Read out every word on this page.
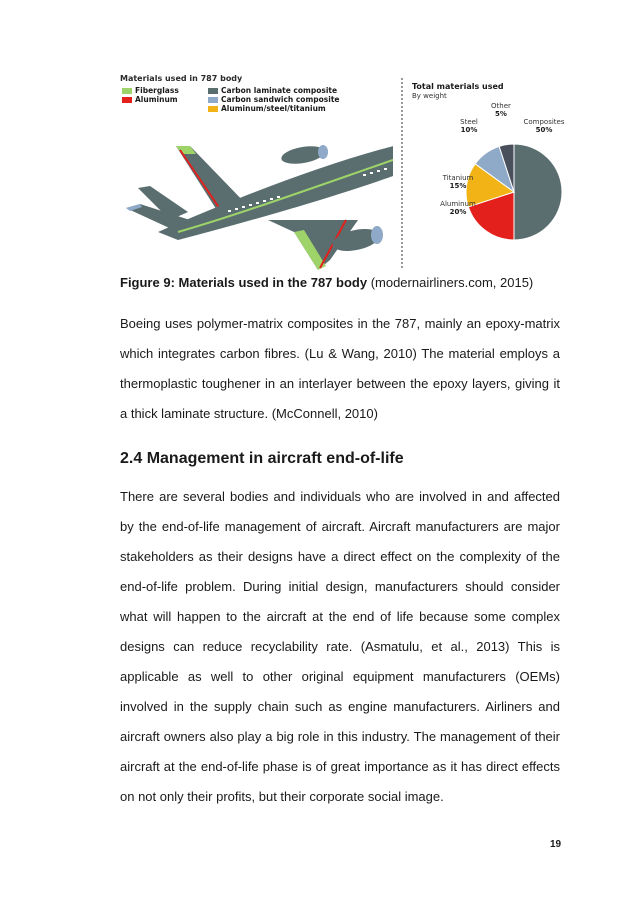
Materials used in 787 body
Fiberglass	Carbon laminate composite
Aluminum	Carbon sandwich composite
Aluminum/steel/titanium
Total materials used
By weight
Composites
50%
Aluminum
20%
Titanium
15%
Steel
10%
Other
5%
Figure 9: Materials used in the 787 body (modernairliners.com, 2015)

Boeing uses polymer-matrix composites in the 787, mainly an epoxy-matrix which integrates carbon fibres. (Lu & Wang, 2010) The material employs a thermoplastic toughener in an interlayer between the epoxy layers, giving it a thick laminate structure. (McConnell, 2010)

2.4 Management in aircraft end-of-life

There are several bodies and individuals who are involved in and affected by the end-of-life management of aircraft. Aircraft manufacturers are major stakeholders as their designs have a direct effect on the complexity of the end-of-life problem. During initial design, manufacturers should consider what will happen to the aircraft at the end of life because some complex designs can reduce recyclability rate. (Asmatulu, et al., 2013) This is applicable as well to other original equipment manufacturers (OEMs) involved in the supply chain such as engine manufacturers. Airliners and aircraft owners also play a big role in this industry. The management of their aircraft at the end-of-life phase is of great importance as it has direct effects on not only their profits, but their corporate social image.

19
